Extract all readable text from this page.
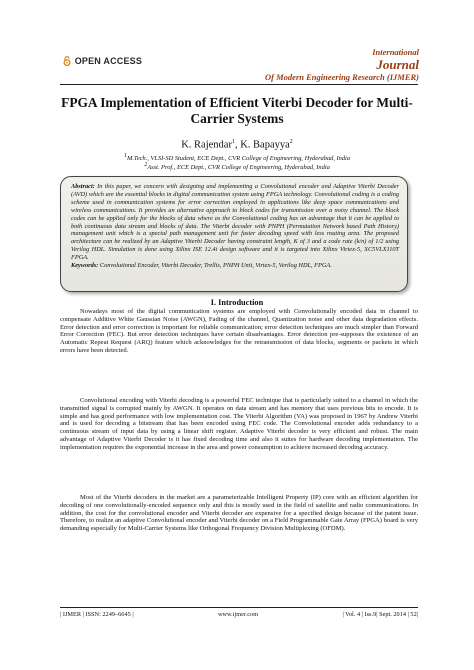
OPEN ACCESS
International
Journal
Of Modern Engineering Research (IJMER)
FPGA Implementation of Efficient Viterbi Decoder for Multi-Carrier Systems
K. Rajendar$^1$, K. Bapayya$^2$
$^1$M.Tech., VLSI-SD Student, ECE Dept., CVR College of Engineering, Hyderabad, India
$^2$Asst. Prof., ECE Dept., CVR College of Engineering, Hyderabad, India
Abstract: In this paper, we concern with designing and implementing a Convolutional encoder and Adaptive Viterbi Decoder (AVD) which are the essential blocks in digital communication system using FPGA technology. Convolutional coding is a coding scheme used in communication systems for error correction employed in applications like deep space communications and wireless communications. It provides an alternative approach to block codes for transmission over a noisy channel. The block codes can be applied only for the blocks of data where as the Convolutional coding has an advantage that it can be applied to both continuous data stream and blocks of data. The Viterbi decoder with PNPH (Permutation Network based Path History) management unit which is a special path management unit for faster decoding speed with less routing area. The proposed architecture can be realized by an Adaptive Viterbi Decoder having constraint length, K of 3 and a code rate (k/n) of 1/2 using Verilog HDL. Simulation is done using Xilinx ISE 12.4i design software and it is targeted into Xilinx Virtex-5, XC5VLX110T FPGA.
Keywords: Convolutional Encoder, Viterbi Decoder, Trellis, PNPH Unit, Virtex-5, Verilog HDL, FPGA.
I. Introduction
Nowadays most of the digital communication systems are employed with Convolutionally encoded data in channel to compensate Additive White Gaussian Noise (AWGN), Fading of the channel, Quantization noise and other data degradation effects. Error detection and error correction is important for reliable communication; error detection techniques are much simpler than Forward Error Correction (FEC). But error detection techniques have certain disadvantages. Error detection pre-supposes the existence of an Automatic Repeat Request (ARQ) feature which acknowledges for the retransmission of data blocks, segments or packets in which errors have been detected.
Convolutional encoding with Viterbi decoding is a powerful FEC technique that is particularly suited to a channel in which the transmitted signal is corrupted mainly by AWGN. It operates on data stream and has memory that uses previous bits to encode. It is simple and has good performance with low implementation cost. The Viterbi Algorithm (VA) was proposed in 1967 by Andrew Viterbi and is used for decoding a bitstream that has been encoded using FEC code. The Convolutional encoder adds redundancy to a continuous stream of input data by using a linear shift register. Adaptive Viterbi decoder is very efficient and robust. The main advantage of Adaptive Viterbi Decoder is it has fixed decoding time and also it suites for hardware decoding implementation. The implementation requires the exponential increase in the area and power consumption to achieve increased decoding accuracy.
Most of the Viterbi decoders in the market are a parameterizable Intelligent Property (IP) core with an efficient algorithm for decoding of one convolutionally-encoded sequence only and this is mostly used in the field of satellite and radio communications. In addition, the cost for the convolutional encoder and Viterbi decoder are expensive for a specified design because of the patent issue. Therefore, to realize an adaptive Convolutional encoder and Viterbi decoder on a Field Programmable Gate Array (FPGA) board is very demanding especially for Multi-Carrier Systems like Orthogonal Frequency Division Multiplexing (OFDM).
| IJMER | ISSN: 2249–6645 |	www.ijmer.com	| Vol. 4 | Iss.9| Sept. 2014 | 52|
